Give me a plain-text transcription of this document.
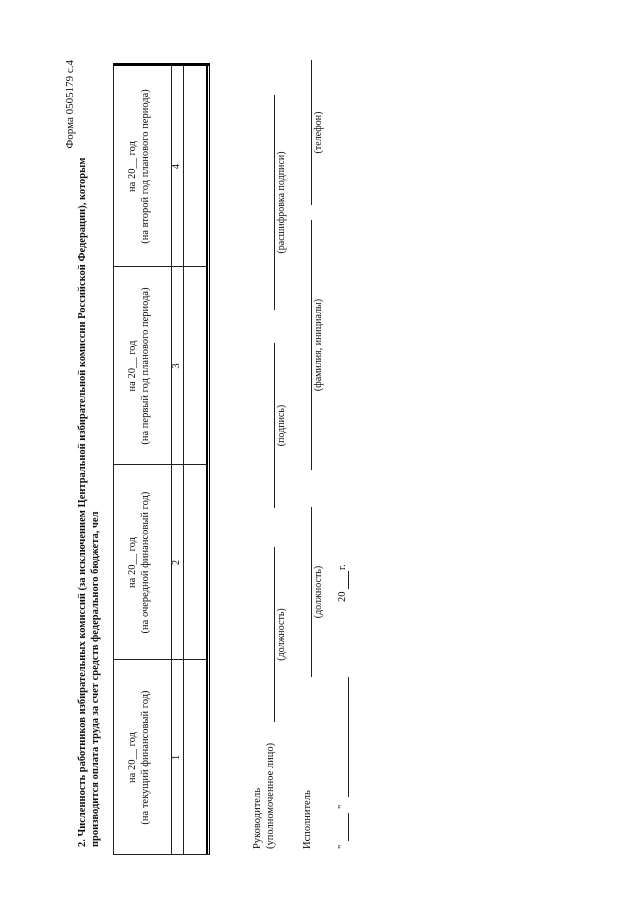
Форма 0505179 с.4
2. Численность работников избирательных комиссий (за исключением Центральной избирательной комиссии Российской Федерации), которым производится оплата труда за счет средств федерального бюджета, чел	на 20__ год (на текущий финансовый год)
на 20__ год (на очередной финансовый год)
на 20__ год (на первый год планового периода)
на 20__ год (на второй год планового периода)
1
2
3
4
Руководитель (уполномоченное лицо)
(должность)
(подпись)
(расшифровка подписи)
Исполнитель
(должность)
(фамилия, инициалы)
(телефон)
"
"
20
г.
